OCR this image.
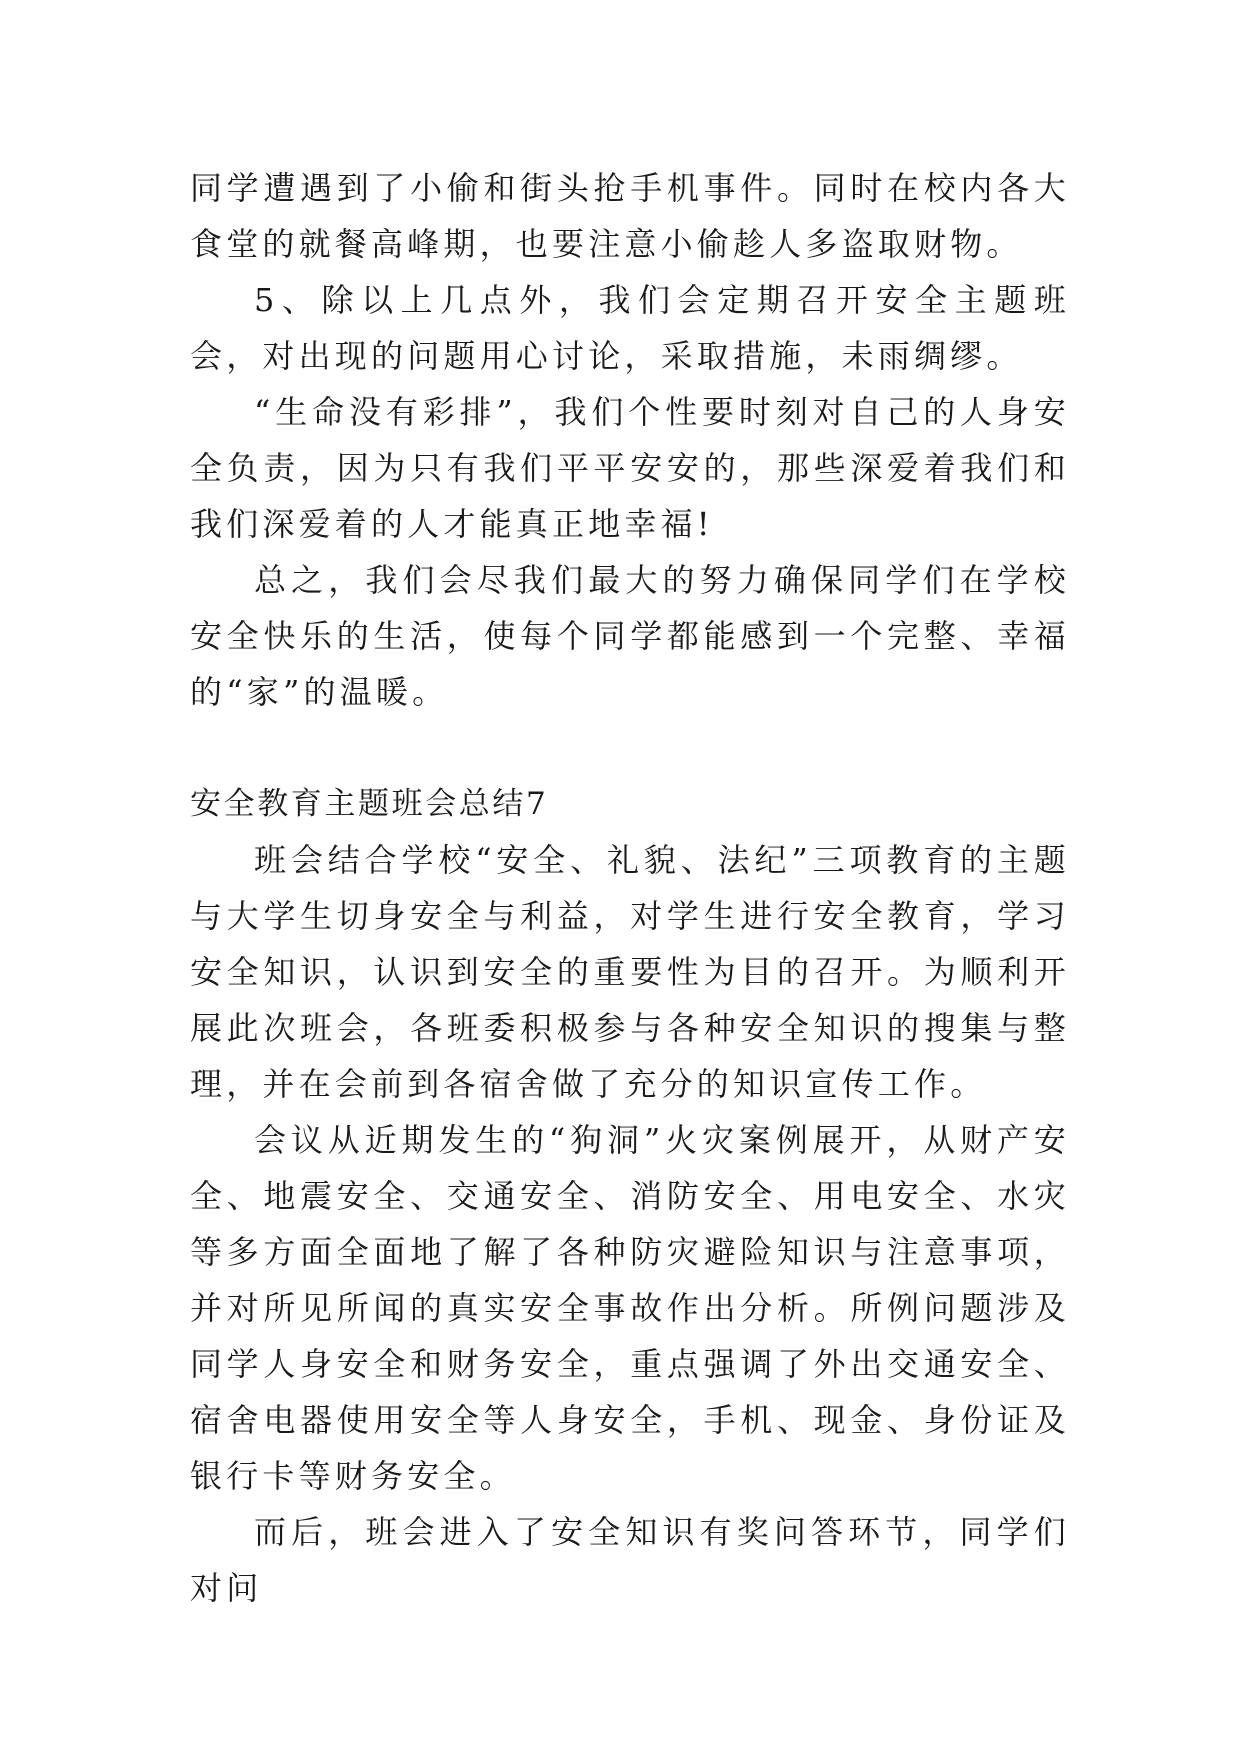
同学遭遇到了小偷和街头抢手机事件。同时在校内各大食堂的就餐高峰期，也要注意小偷趁人多盗取财物。

5、除以上几点外，我们会定期召开安全主题班会，对出现的问题用心讨论，采取措施，未雨绸缪。

“生命没有彩排”，我们个性要时刻对自己的人身安全负责，因为只有我们平平安安的，那些深爱着我们和我们深爱着的人才能真正地幸福!

总之，我们会尽我们最大的努力确保同学们在学校安全快乐的生活，使每个同学都能感到一个完整、幸福的“家”的温暖。

安全教育主题班会总结7

班会结合学校“安全、礼貌、法纪”三项教育的主题与大学生切身安全与利益，对学生进行安全教育，学习安全知识，认识到安全的重要性为目的召开。为顺利开展此次班会，各班委积极参与各种安全知识的搜集与整理，并在会前到各宿舍做了充分的知识宣传工作。

会议从近期发生的“狗洞”火灾案例展开，从财产安全、地震安全、交通安全、消防安全、用电安全、水灾等多方面全面地了解了各种防灾避险知识与注意事项，并对所见所闻的真实安全事故作出分析。所例问题涉及同学人身安全和财务安全，重点强调了外出交通安全、宿舍电器使用安全等人身安全，手机、现金、身份证及银行卡等财务安全。

而后，班会进入了安全知识有奖问答环节，同学们对问
